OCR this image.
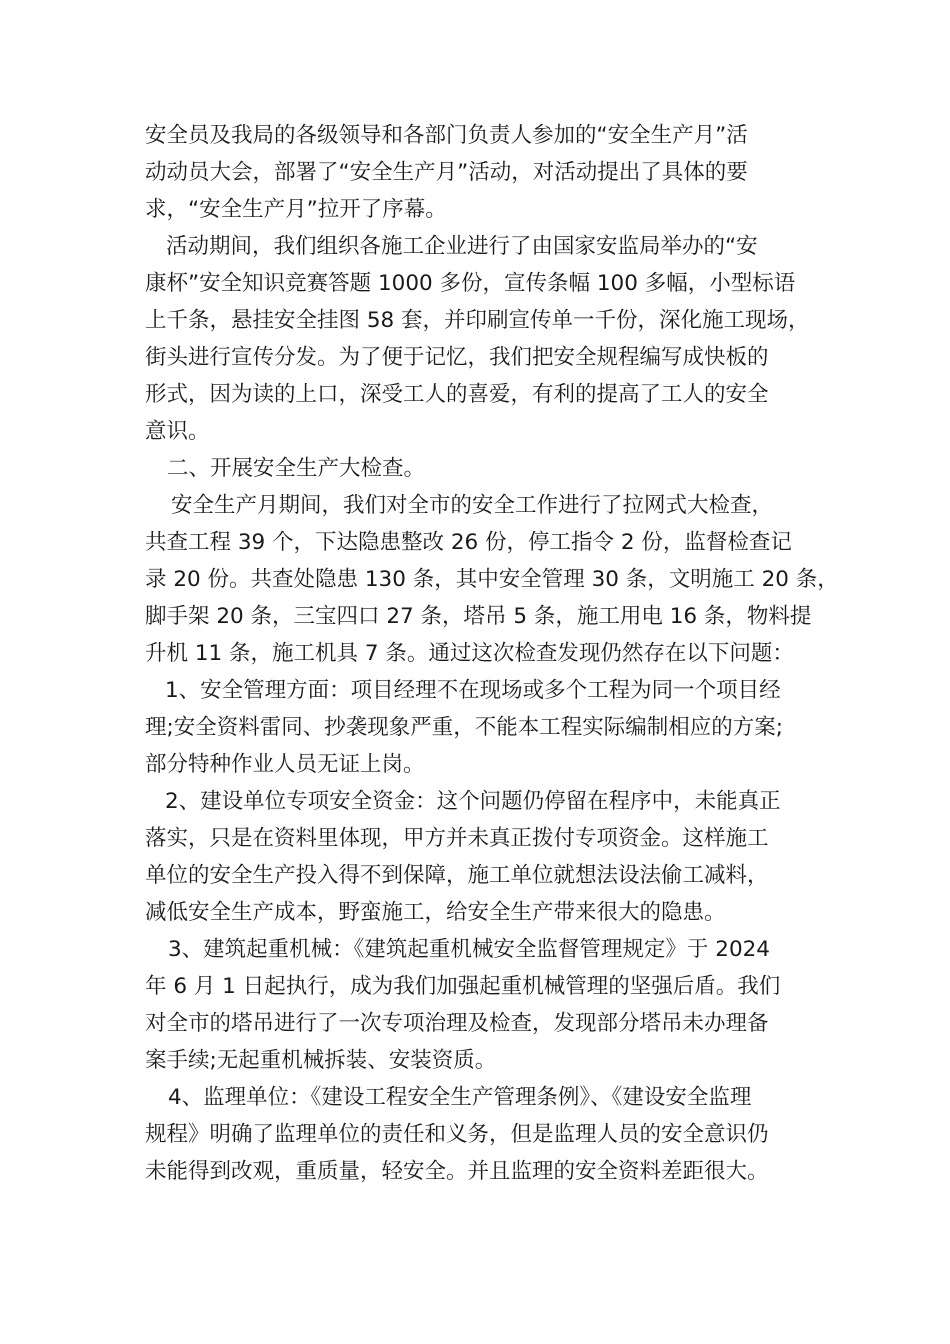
安全员及我局的各级领导和各部门负责人参加的“安全生产月”活
动动员大会，部署了“安全生产月”活动，对活动提出了具体的要
求，“安全生产月”拉开了序幕。
活动期间，我们组织各施工企业进行了由国家安监局举办的“安
康杯”安全知识竞赛答题 1000 多份，宣传条幅 100 多幅，小型标语
上千条，悬挂安全挂图 58 套，并印刷宣传单一千份，深化施工现场，
街头进行宣传分发。为了便于记忆，我们把安全规程编写成快板的
形式，因为读的上口，深受工人的喜爱，有利的提高了工人的安全
意识。
二、开展安全生产大检查。
安全生产月期间，我们对全市的安全工作进行了拉网式大检查，
共查工程 39 个，下达隐患整改 26 份，停工指令 2 份，监督检查记
录 20 份。共查处隐患 130 条，其中安全管理 30 条，文明施工 20 条，
脚手架 20 条，三宝四口 27 条，塔吊 5 条，施工用电 16 条，物料提
升机 11 条，施工机具 7 条。通过这次检查发现仍然存在以下问题：
1、安全管理方面：项目经理不在现场或多个工程为同一个项目经
理;安全资料雷同、抄袭现象严重，不能本工程实际编制相应的方案;
部分特种作业人员无证上岗。
2、建设单位专项安全资金：这个问题仍停留在程序中，未能真正
落实，只是在资料里体现，甲方并未真正拨付专项资金。这样施工
单位的安全生产投入得不到保障，施工单位就想法设法偷工减料，
减低安全生产成本，野蛮施工，给安全生产带来很大的隐患。
3、建筑起重机械：《建筑起重机械安全监督管理规定》于 2024
年 6 月 1 日起执行，成为我们加强起重机械管理的坚强后盾。我们
对全市的塔吊进行了一次专项治理及检查，发现部分塔吊未办理备
案手续;无起重机械拆装、安装资质。
4、监理单位：《建设工程安全生产管理条例》、《建设安全监理
规程》明确了监理单位的责任和义务，但是监理人员的安全意识仍
未能得到改观，重质量，轻安全。并且监理的安全资料差距很大。
